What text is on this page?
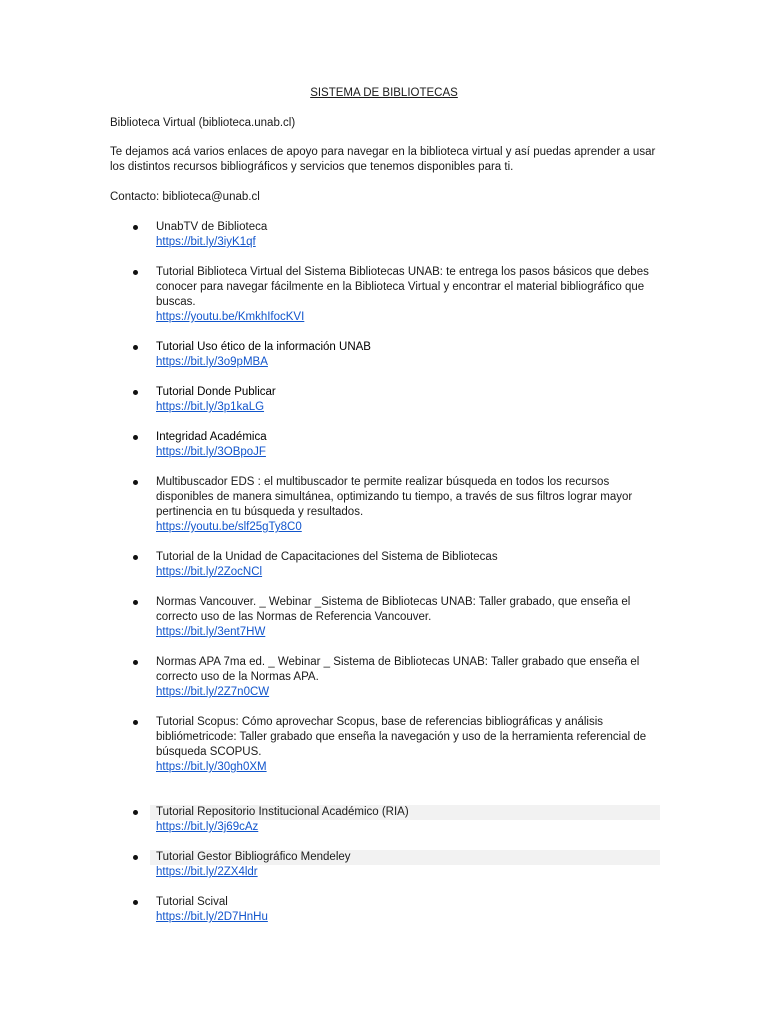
SISTEMA DE BIBLIOTECAS
Biblioteca Virtual (biblioteca.unab.cl)
Te dejamos acá varios enlaces de apoyo para navegar en la biblioteca virtual y así puedas aprender a usar
los distintos recursos bibliográficos y servicios que tenemos disponibles para ti.
Contacto: biblioteca@unab.cl
UnabTV de Biblioteca
https://bit.ly/3iyK1qf
Tutorial Biblioteca Virtual del Sistema Bibliotecas UNAB: te entrega los pasos básicos que debes
conocer para navegar fácilmente en la Biblioteca Virtual y encontrar el material bibliográfico que
buscas.
https://youtu.be/KmkhIfocKVI
Tutorial Uso ético de la información UNAB
https://bit.ly/3o9pMBA
Tutorial Donde Publicar
https://bit.ly/3p1kaLG
Integridad Académica
https://bit.ly/3OBpoJF
Multibuscador EDS : el multibuscador te permite realizar búsqueda en todos los recursos
disponibles de manera simultánea, optimizando tu tiempo, a través de sus filtros lograr mayor
pertinencia en tu búsqueda y resultados.
https://youtu.be/slf25gTy8C0
Tutorial de la Unidad de Capacitaciones del Sistema de Bibliotecas
https://bit.ly/2ZocNCl
Normas Vancouver. _ Webinar _Sistema de Bibliotecas UNAB: Taller grabado, que enseña el
correcto uso de las Normas de Referencia Vancouver.
https://bit.ly/3ent7HW
Normas APA 7ma ed. _ Webinar _ Sistema de Bibliotecas UNAB: Taller grabado que enseña el
correcto uso de la Normas APA.
https://bit.ly/2Z7n0CW
Tutorial Scopus: Cómo aprovechar Scopus, base de referencias bibliográficas y análisis
bibliómetricode: Taller grabado que enseña la navegación y uso de la herramienta referencial de
búsqueda SCOPUS.
https://bit.ly/30gh0XM
Tutorial Repositorio Institucional Académico (RIA)
https://bit.ly/3j69cAz
Tutorial Gestor Bibliográfico Mendeley
https://bit.ly/2ZX4ldr
Tutorial Scival
https://bit.ly/2D7HnHu
